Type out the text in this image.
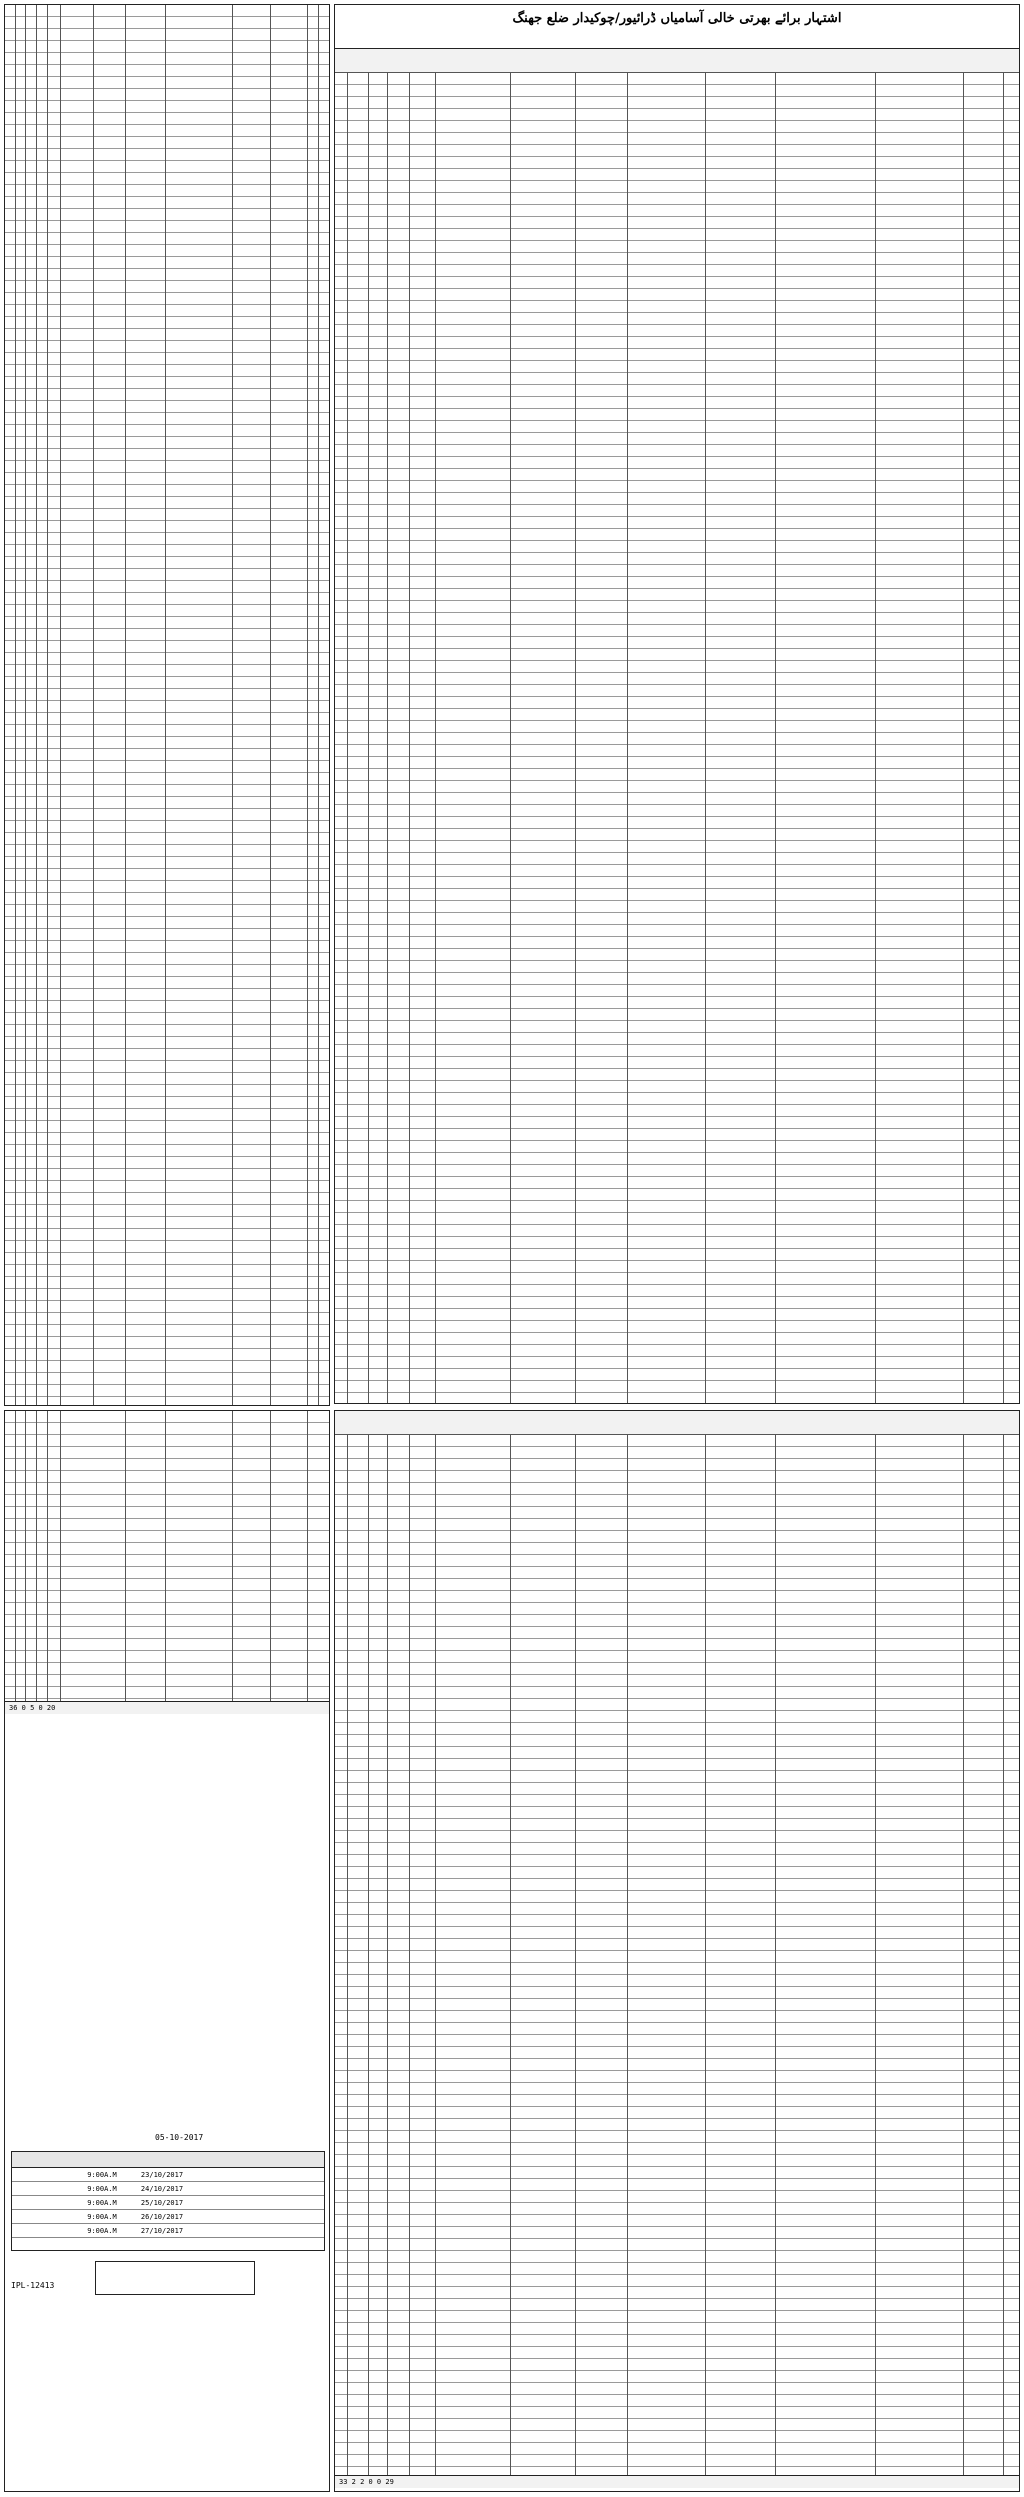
اشتہار برائے بھرتی خالی آسامیاں ڈرائیور/چوکیدار ضلع جھنگ
33 2 2 0 0 29
36 0 5 0 20
9:00A.M	23/10/2017
9:00A.M	24/10/2017
9:00A.M	25/10/2017
9:00A.M	26/10/2017
9:00A.M	27/10/2017
05-10-2017
IPL-12413
